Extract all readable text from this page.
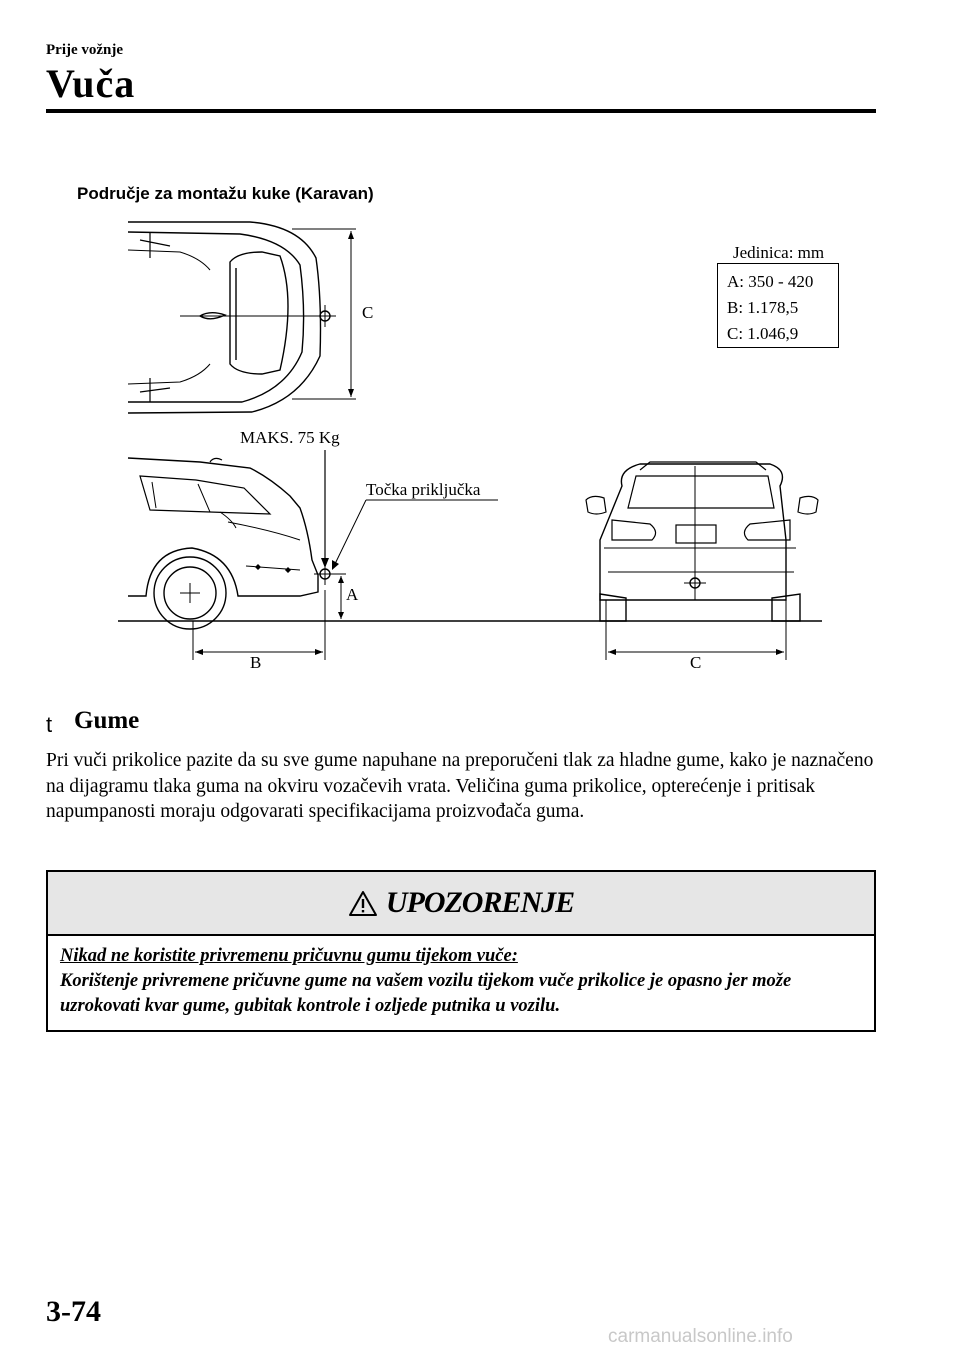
Prije vožnje
Vuča
Područje za montažu kuke (Karavan)
Jedinica: mm
A: 350 - 420
B: 1.178,5
C: 1.046,9
C
MAKS. 75 Kg
Točka priključka
A
B	C
t Gume

Pri vuči prikolice pazite da su sve gume napuhane na preporučeni tlak za hladne gume, kako je naznačeno na dijagramu tlaka guma na okviru vozačevih vrata. Veličina guma prikolice, opterećenje i pritisak napumpanosti moraju odgovarati specifikacijama proizvođača guma.

UPOZORENJE
Nikad ne koristite privremenu pričuvnu gumu tijekom vuče:
Korištenje privremene pričuvne gume na vašem vozilu tijekom vuče prikolice je opasno jer može uzrokovati kvar gume, gubitak kontrole i ozljede putnika u vozilu.
3-74
carmanualsonline.info
